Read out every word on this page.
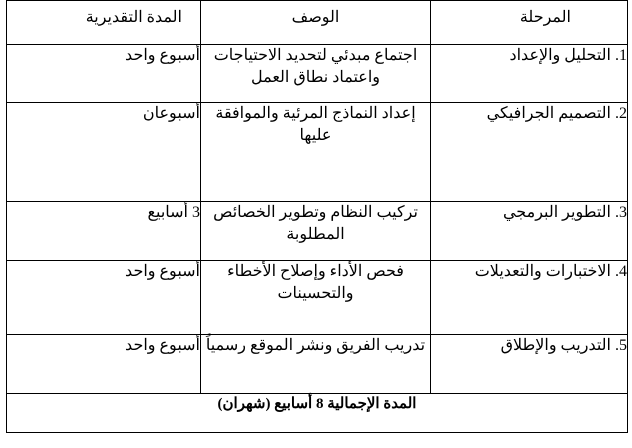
المرحلة	الوصف	المدة التقديرية
1. التحليل والإعداد	اجتماع مبدئي لتحديد الاحتياجات واعتماد نطاق العمل	أسبوع واحد
2. التصميم الجرافيكي	إعداد النماذج المرئية والموافقة عليها	أسبوعان
3. التطوير البرمجي	تركيب النظام وتطوير الخصائص المطلوبة	3 أسابيع
4. الاختبارات والتعديلات	فحص الأداء وإصلاح الأخطاء والتحسينات	أسبوع واحد
5. التدريب والإطلاق	تدريب الفريق ونشر الموقع رسمياً	أسبوع واحد
المدة الإجمالية 8 أسابيع (شهران)		
